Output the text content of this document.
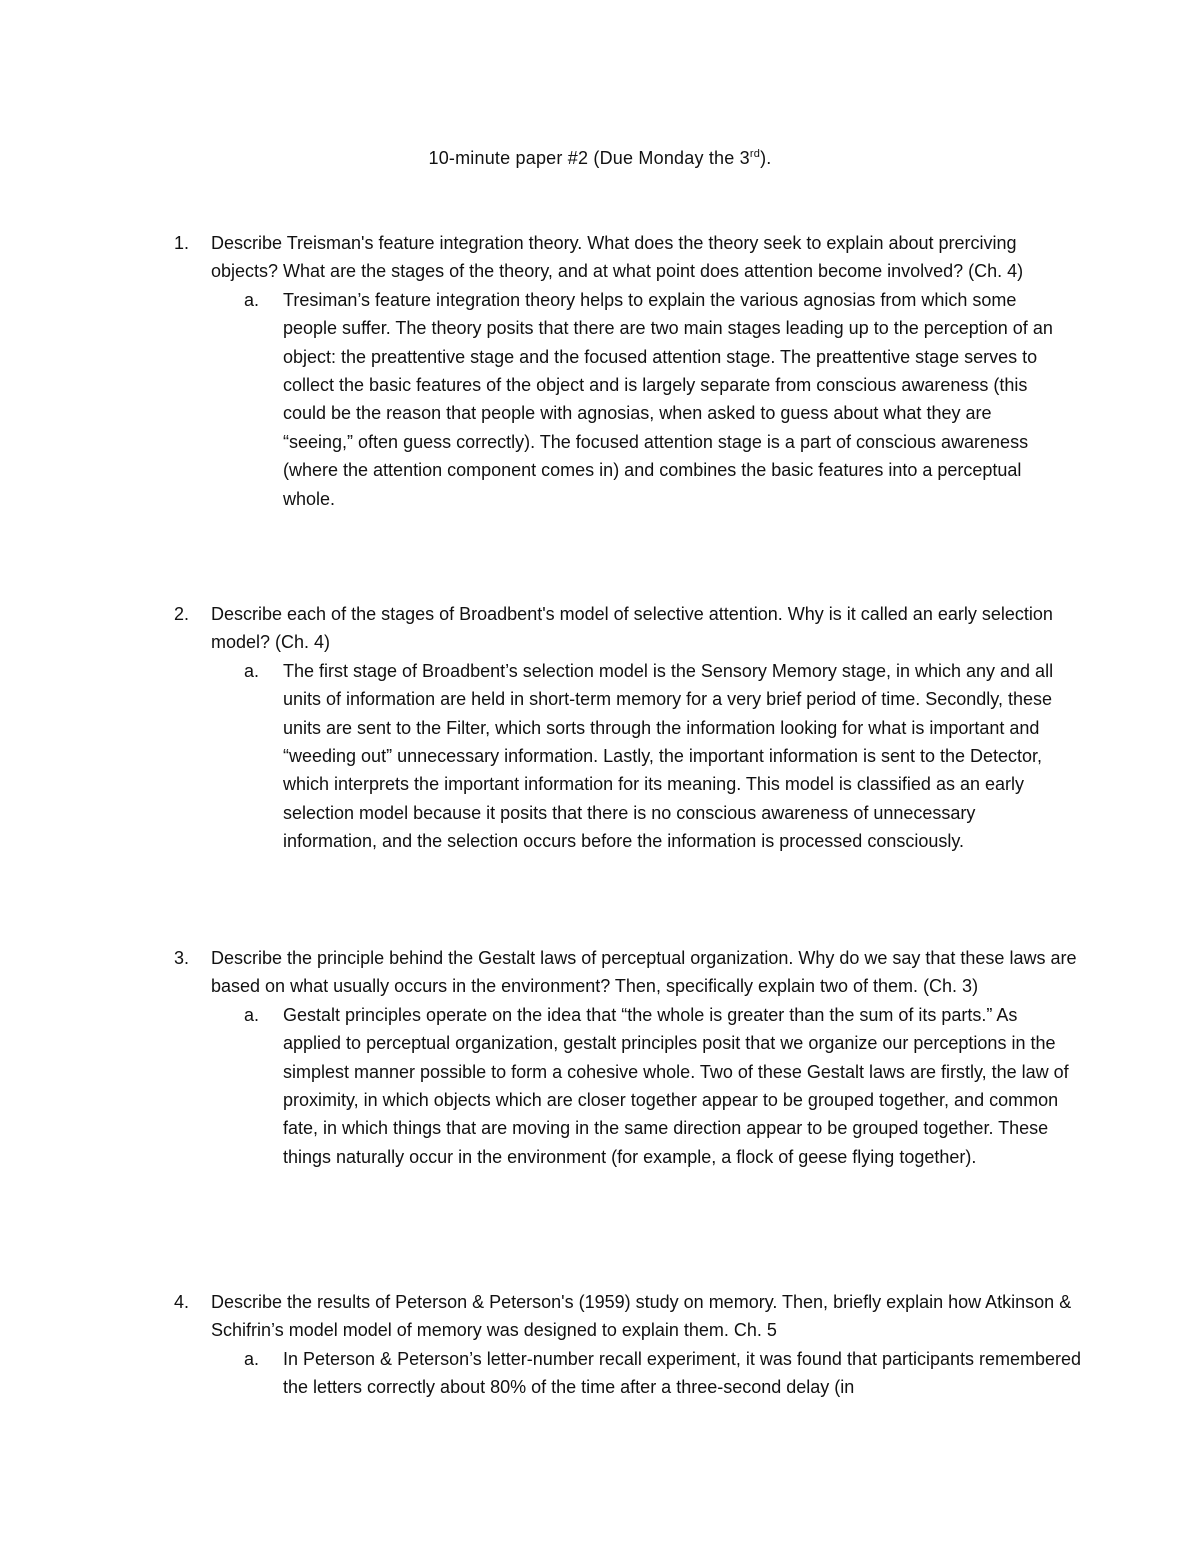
10-minute paper #2 (Due Monday the 3rd).
1.	Describe Treisman's feature integration theory. What does the theory seek to explain about prerciving objects? What are the stages of the theory, and at what point does attention become involved? (Ch. 4)
a.	Tresiman’s feature integration theory helps to explain the various agnosias from which some people suffer. The theory posits that there are two main stages leading up to the perception of an object: the preattentive stage and the focused attention stage. The preattentive stage serves to collect the basic features of the object and is largely separate from conscious awareness (this could be the reason that people with agnosias, when asked to guess about what they are “seeing,” often guess correctly). The focused attention stage is a part of conscious awareness (where the attention component comes in) and combines the basic features into a perceptual whole.
2.	Describe each of the stages of Broadbent's model of selective attention. Why is it called an early selection model? (Ch. 4)
a.	The first stage of Broadbent’s selection model is the Sensory Memory stage, in which any and all units of information are held in short-term memory for a very brief period of time. Secondly, these units are sent to the Filter, which sorts through the information looking for what is important and “weeding out” unnecessary information. Lastly, the important information is sent to the Detector, which interprets the important information for its meaning. This model is classified as an early selection model because it posits that there is no conscious awareness of unnecessary information, and the selection occurs before the information is processed consciously.
3.	Describe the principle behind the Gestalt laws of perceptual organization. Why do we say that these laws are based on what usually occurs in the environment? Then, specifically explain two of them. (Ch. 3)
a.	Gestalt principles operate on the idea that “the whole is greater than the sum of its parts.” As applied to perceptual organization, gestalt principles posit that we organize our perceptions in the simplest manner possible to form a cohesive whole. Two of these Gestalt laws are firstly, the law of proximity, in which objects which are closer together appear to be grouped together, and common fate, in which things that are moving in the same direction appear to be grouped together. These things naturally occur in the environment (for example, a flock of geese flying together).
4.	Describe the results of Peterson & Peterson's (1959) study on memory. Then, briefly explain how Atkinson & Schifrin’s model model of memory was designed to explain them. Ch. 5
a.	In Peterson & Peterson’s letter-number recall experiment, it was found that participants remembered the letters correctly about 80% of the time after a three-second delay (in
